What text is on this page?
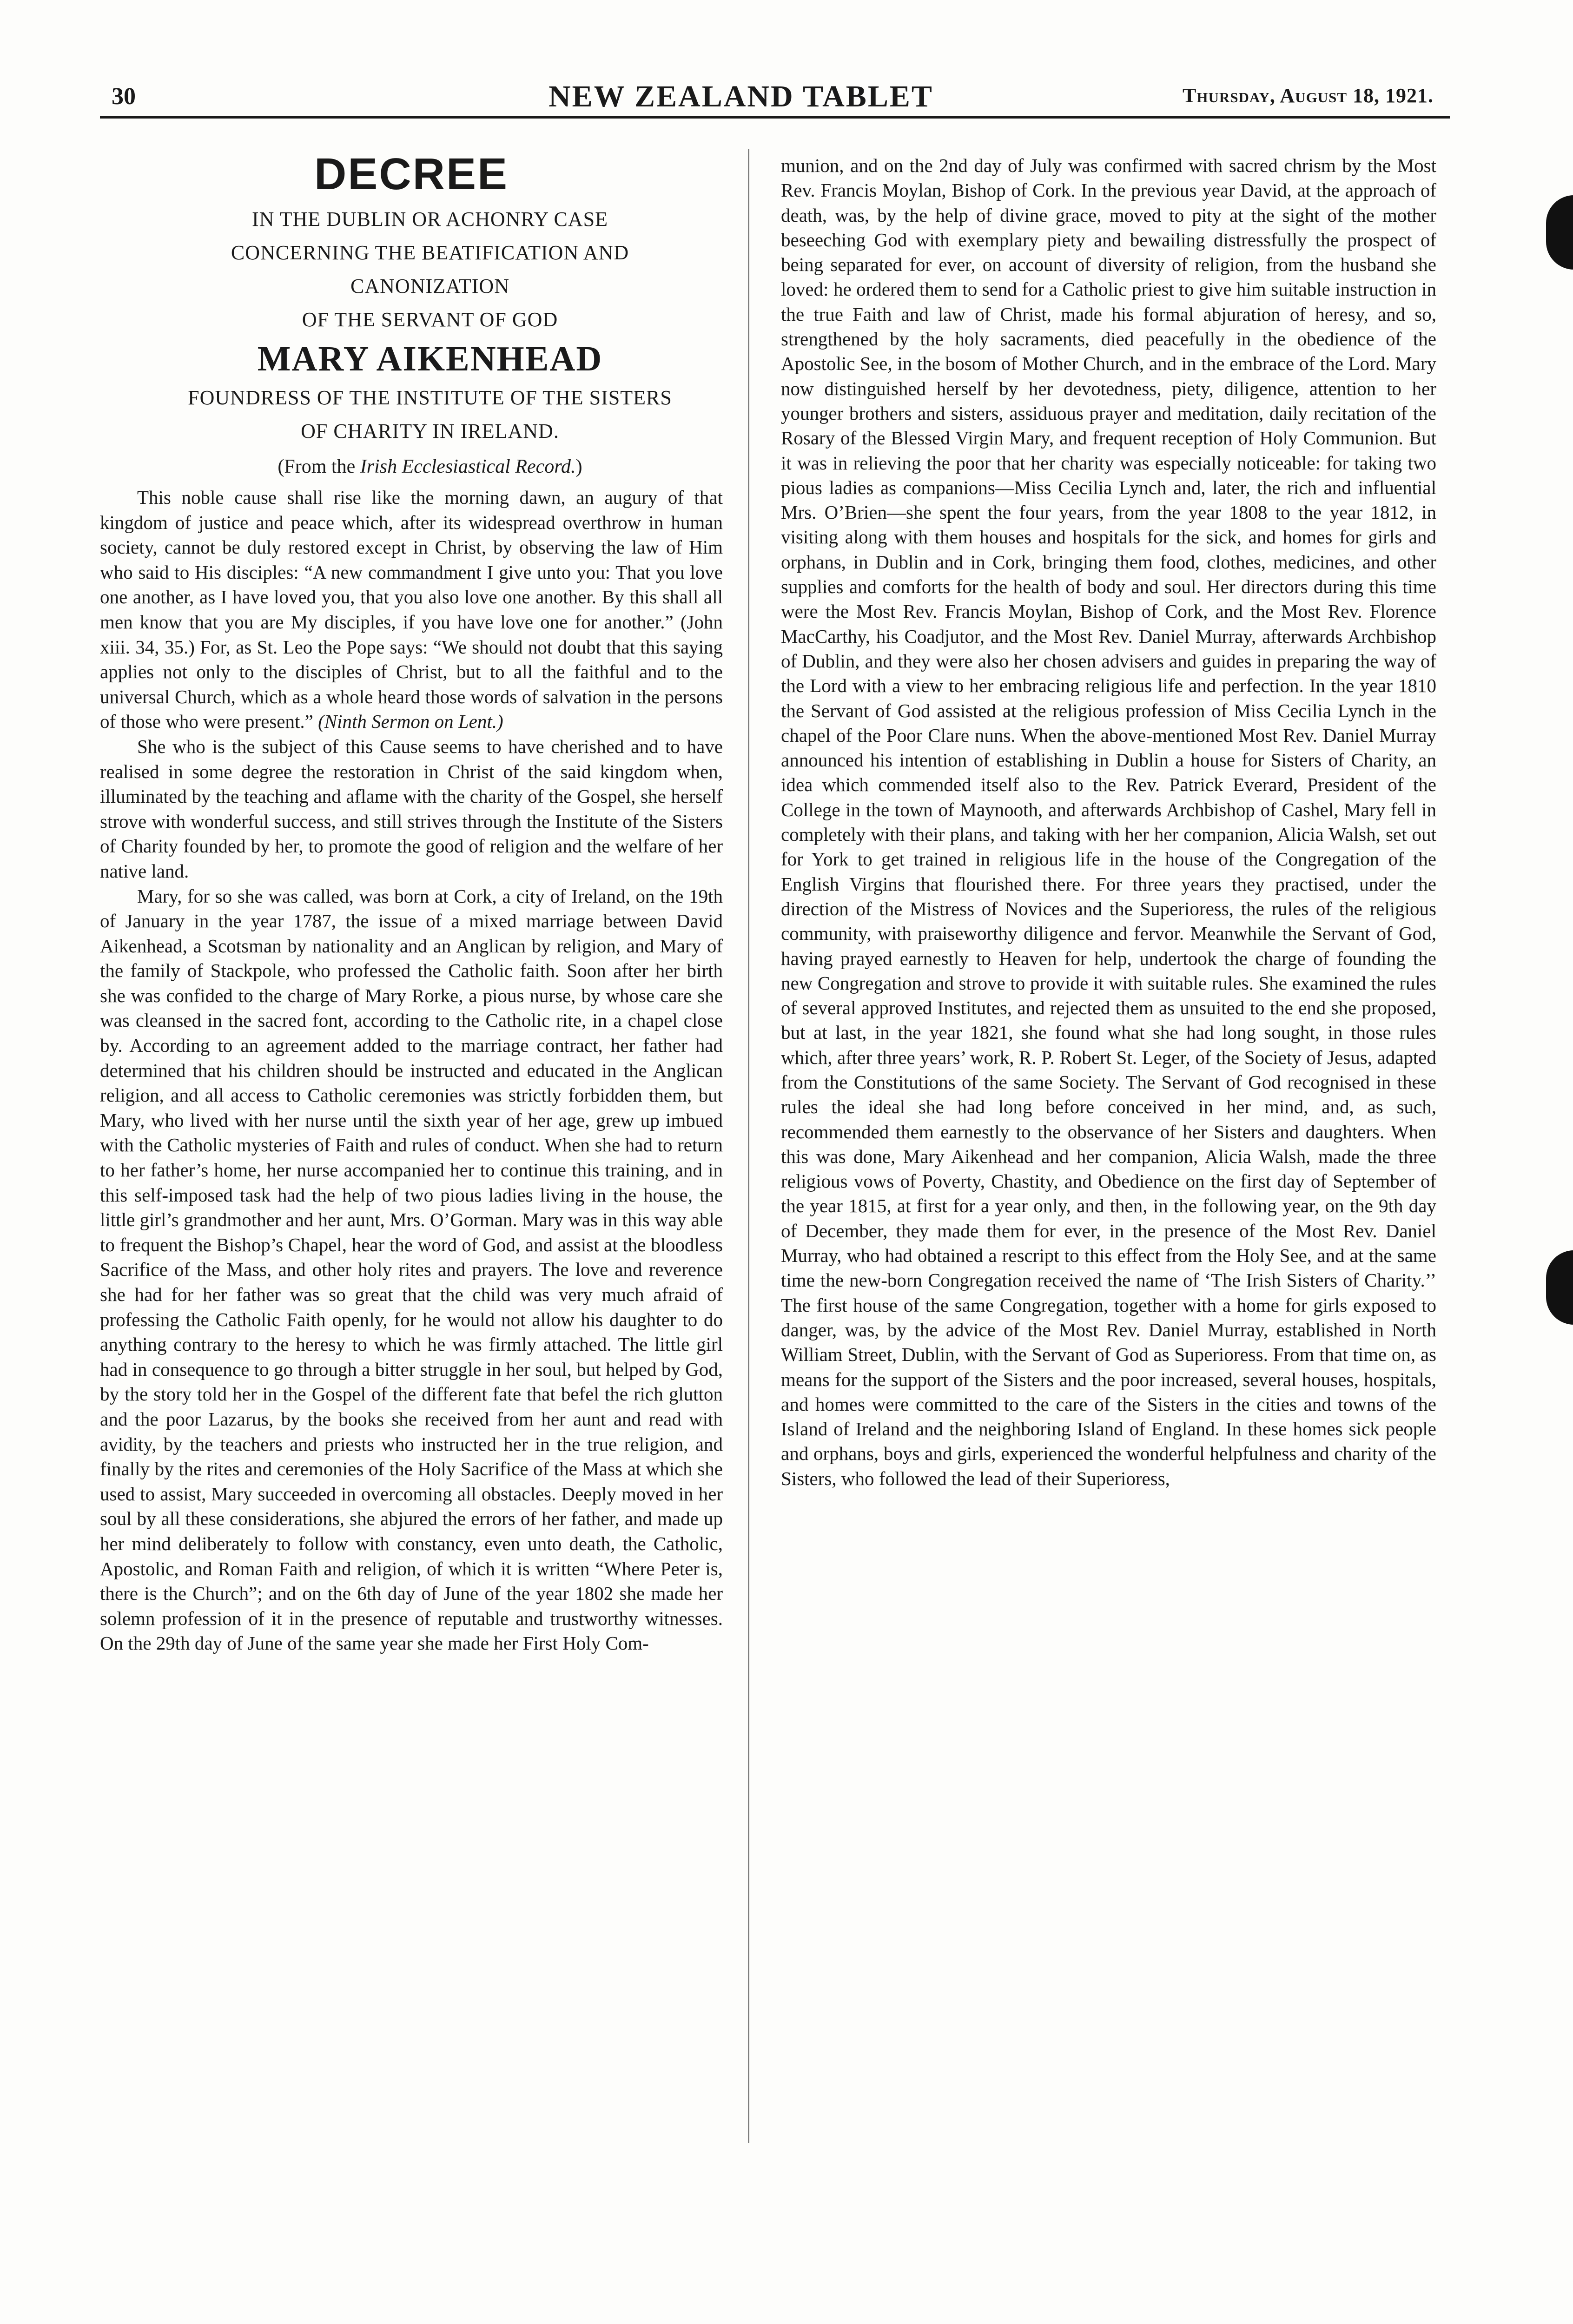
30	NEW ZEALAND TABLET	Thursday, August 18, 1921.
DECREE

IN THE DUBLIN OR ACHONRY CASE

CONCERNING THE BEATIFICATION AND

CANONIZATION

OF THE SERVANT OF GOD

MARY AIKENHEAD

FOUNDRESS OF THE INSTITUTE OF THE SISTERS

OF CHARITY IN IRELAND.

(From the Irish Ecclesiastical Record.)

This noble cause shall rise like the morning dawn, an augury of that kingdom of justice and peace which, after its widespread overthrow in human society, cannot be duly restored except in Christ, by observing the law of Him who said to His disciples: “A new commandment I give unto you: That you love one another, as I have loved you, that you also love one another. By this shall all men know that you are My disciples, if you have love one for another.” (John xiii. 34, 35.) For, as St. Leo the Pope says: “We should not doubt that this saying applies not only to the disciples of Christ, but to all the faithful and to the universal Church, which as a whole heard those words of salvation in the persons of those who were present.” (Ninth Sermon on Lent.)

She who is the subject of this Cause seems to have cherished and to have realised in some degree the restoration in Christ of the said kingdom when, illuminated by the teaching and aflame with the charity of the Gospel, she herself strove with wonderful success, and still strives through the Institute of the Sisters of Charity founded by her, to promote the good of religion and the welfare of her native land.

Mary, for so she was called, was born at Cork, a city of Ireland, on the 19th of January in the year 1787, the issue of a mixed marriage between David Aikenhead, a Scotsman by nationality and an Anglican by religion, and Mary of the family of Stackpole, who professed the Catholic faith. Soon after her birth she was confided to the charge of Mary Rorke, a pious nurse, by whose care she was cleansed in the sacred font, according to the Catholic rite, in a chapel close by. According to an agreement added to the marriage contract, her father had determined that his children should be instructed and educated in the Anglican religion, and all access to Catholic ceremonies was strictly forbidden them, but Mary, who lived with her nurse until the sixth year of her age, grew up imbued with the Catholic mysteries of Faith and rules of conduct. When she had to return to her father’s home, her nurse accompanied her to continue this training, and in this self-imposed task had the help of two pious ladies living in the house, the little girl’s grandmother and her aunt, Mrs. O’Gorman. Mary was in this way able to frequent the Bishop’s Chapel, hear the word of God, and assist at the bloodless Sacrifice of the Mass, and other holy rites and prayers. The love and reverence she had for her father was so great that the child was very much afraid of professing the Catholic Faith openly, for he would not allow his daughter to do anything contrary to the heresy to which he was firmly attached. The little girl had in consequence to go through a bitter struggle in her soul, but helped by God, by the story told her in the Gospel of the different fate that befel the rich glutton and the poor Lazarus, by the books she received from her aunt and read with avidity, by the teachers and priests who instructed her in the true religion, and finally by the rites and ceremonies of the Holy Sacrifice of the Mass at which she used to assist, Mary succeeded in overcoming all obstacles. Deeply moved in her soul by all these considerations, she abjured the errors of her father, and made up her mind deliberately to follow with constancy, even unto death, the Catholic, Apostolic, and Roman Faith and religion, of which it is written “Where Peter is, there is the Church”; and on the 6th day of June of the year 1802 she made her solemn profession of it in the presence of reputable and trustworthy witnesses. On the 29th day of June of the same year she made her First Holy Com-

munion, and on the 2nd day of July was confirmed with sacred chrism by the Most Rev. Francis Moylan, Bishop of Cork. In the previous year David, at the approach of death, was, by the help of divine grace, moved to pity at the sight of the mother beseeching God with exemplary piety and bewailing distressfully the prospect of being separated for ever, on account of diversity of religion, from the husband she loved: he ordered them to send for a Catholic priest to give him suitable instruction in the true Faith and law of Christ, made his formal abjuration of heresy, and so, strengthened by the holy sacraments, died peacefully in the obedience of the Apostolic See, in the bosom of Mother Church, and in the embrace of the Lord. Mary now distinguished herself by her devotedness, piety, diligence, attention to her younger brothers and sisters, assiduous prayer and meditation, daily recitation of the Rosary of the Blessed Virgin Mary, and frequent reception of Holy Communion. But it was in relieving the poor that her charity was especially noticeable: for taking two pious ladies as companions—Miss Cecilia Lynch and, later, the rich and influential Mrs. O’Brien—she spent the four years, from the year 1808 to the year 1812, in visiting along with them houses and hospitals for the sick, and homes for girls and orphans, in Dublin and in Cork, bringing them food, clothes, medicines, and other supplies and comforts for the health of body and soul. Her directors during this time were the Most Rev. Francis Moylan, Bishop of Cork, and the Most Rev. Florence MacCarthy, his Coadjutor, and the Most Rev. Daniel Murray, afterwards Archbishop of Dublin, and they were also her chosen advisers and guides in preparing the way of the Lord with a view to her embracing religious life and perfection. In the year 1810 the Servant of God assisted at the religious profession of Miss Cecilia Lynch in the chapel of the Poor Clare nuns. When the above-mentioned Most Rev. Daniel Murray announced his intention of establishing in Dublin a house for Sisters of Charity, an idea which commended itself also to the Rev. Patrick Everard, President of the College in the town of Maynooth, and afterwards Archbishop of Cashel, Mary fell in completely with their plans, and taking with her her companion, Alicia Walsh, set out for York to get trained in religious life in the house of the Congregation of the English Virgins that flourished there. For three years they practised, under the direction of the Mistress of Novices and the Superioress, the rules of the religious community, with praiseworthy diligence and fervor. Meanwhile the Servant of God, having prayed earnestly to Heaven for help, undertook the charge of founding the new Congregation and strove to provide it with suitable rules. She examined the rules of several approved Institutes, and rejected them as unsuited to the end she proposed, but at last, in the year 1821, she found what she had long sought, in those rules which, after three years’ work, R. P. Robert St. Leger, of the Society of Jesus, adapted from the Constitutions of the same Society. The Servant of God recognised in these rules the ideal she had long before conceived in her mind, and, as such, recommended them earnestly to the observance of her Sisters and daughters. When this was done, Mary Aikenhead and her companion, Alicia Walsh, made the three religious vows of Poverty, Chastity, and Obedience on the first day of September of the year 1815, at first for a year only, and then, in the following year, on the 9th day of December, they made them for ever, in the presence of the Most Rev. Daniel Murray, who had obtained a rescript to this effect from the Holy See, and at the same time the new-born Congregation received the name of ‘The Irish Sisters of Charity.’’ The first house of the same Congregation, together with a home for girls exposed to danger, was, by the advice of the Most Rev. Daniel Murray, established in North William Street, Dublin, with the Servant of God as Superioress. From that time on, as means for the support of the Sisters and the poor increased, several houses, hospitals, and homes were committed to the care of the Sisters in the cities and towns of the Island of Ireland and the neighboring Island of England. In these homes sick people and orphans, boys and girls, experienced the wonderful helpfulness and charity of the Sisters, who followed the lead of their Superioress,
